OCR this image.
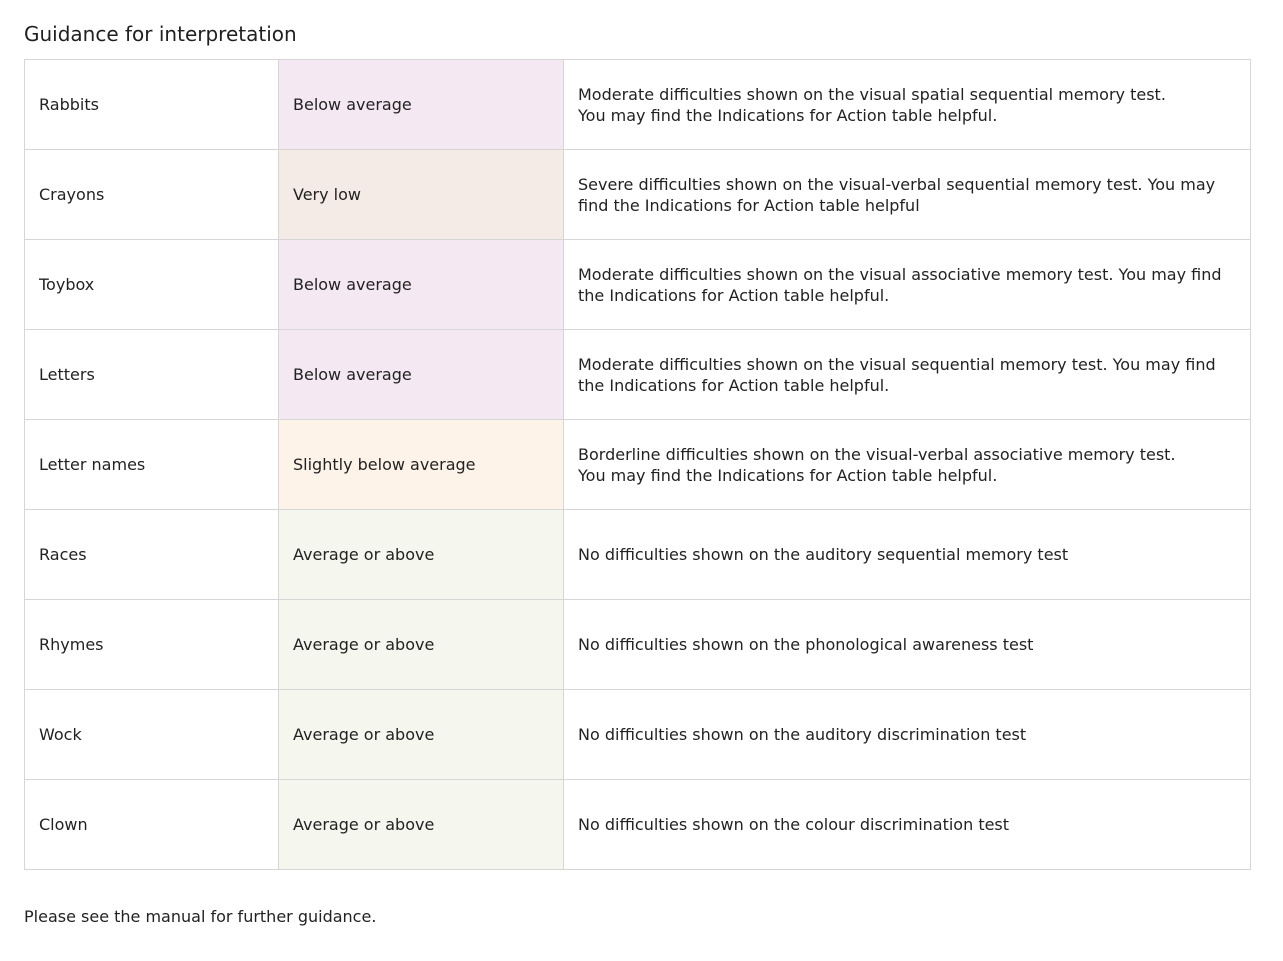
Guidance for interpretation
Rabbits	Below average	Moderate difficulties shown on the visual spatial sequential memory test.
You may find the Indications for Action table helpful.
Crayons	Very low	Severe difficulties shown on the visual-verbal sequential memory test. You may find the Indications for Action table helpful
Toybox	Below average	Moderate difficulties shown on the visual associative memory test. You may find the Indications for Action table helpful.
Letters	Below average	Moderate difficulties shown on the visual sequential memory test. You may find the Indications for Action table helpful.
Letter names	Slightly below average	Borderline difficulties shown on the visual-verbal associative memory test.
You may find the Indications for Action table helpful.
Races	Average or above	No difficulties shown on the auditory sequential memory test
Rhymes	Average or above	No difficulties shown on the phonological awareness test
Wock	Average or above	No difficulties shown on the auditory discrimination test
Clown	Average or above	No difficulties shown on the colour discrimination test

Please see the manual for further guidance.
